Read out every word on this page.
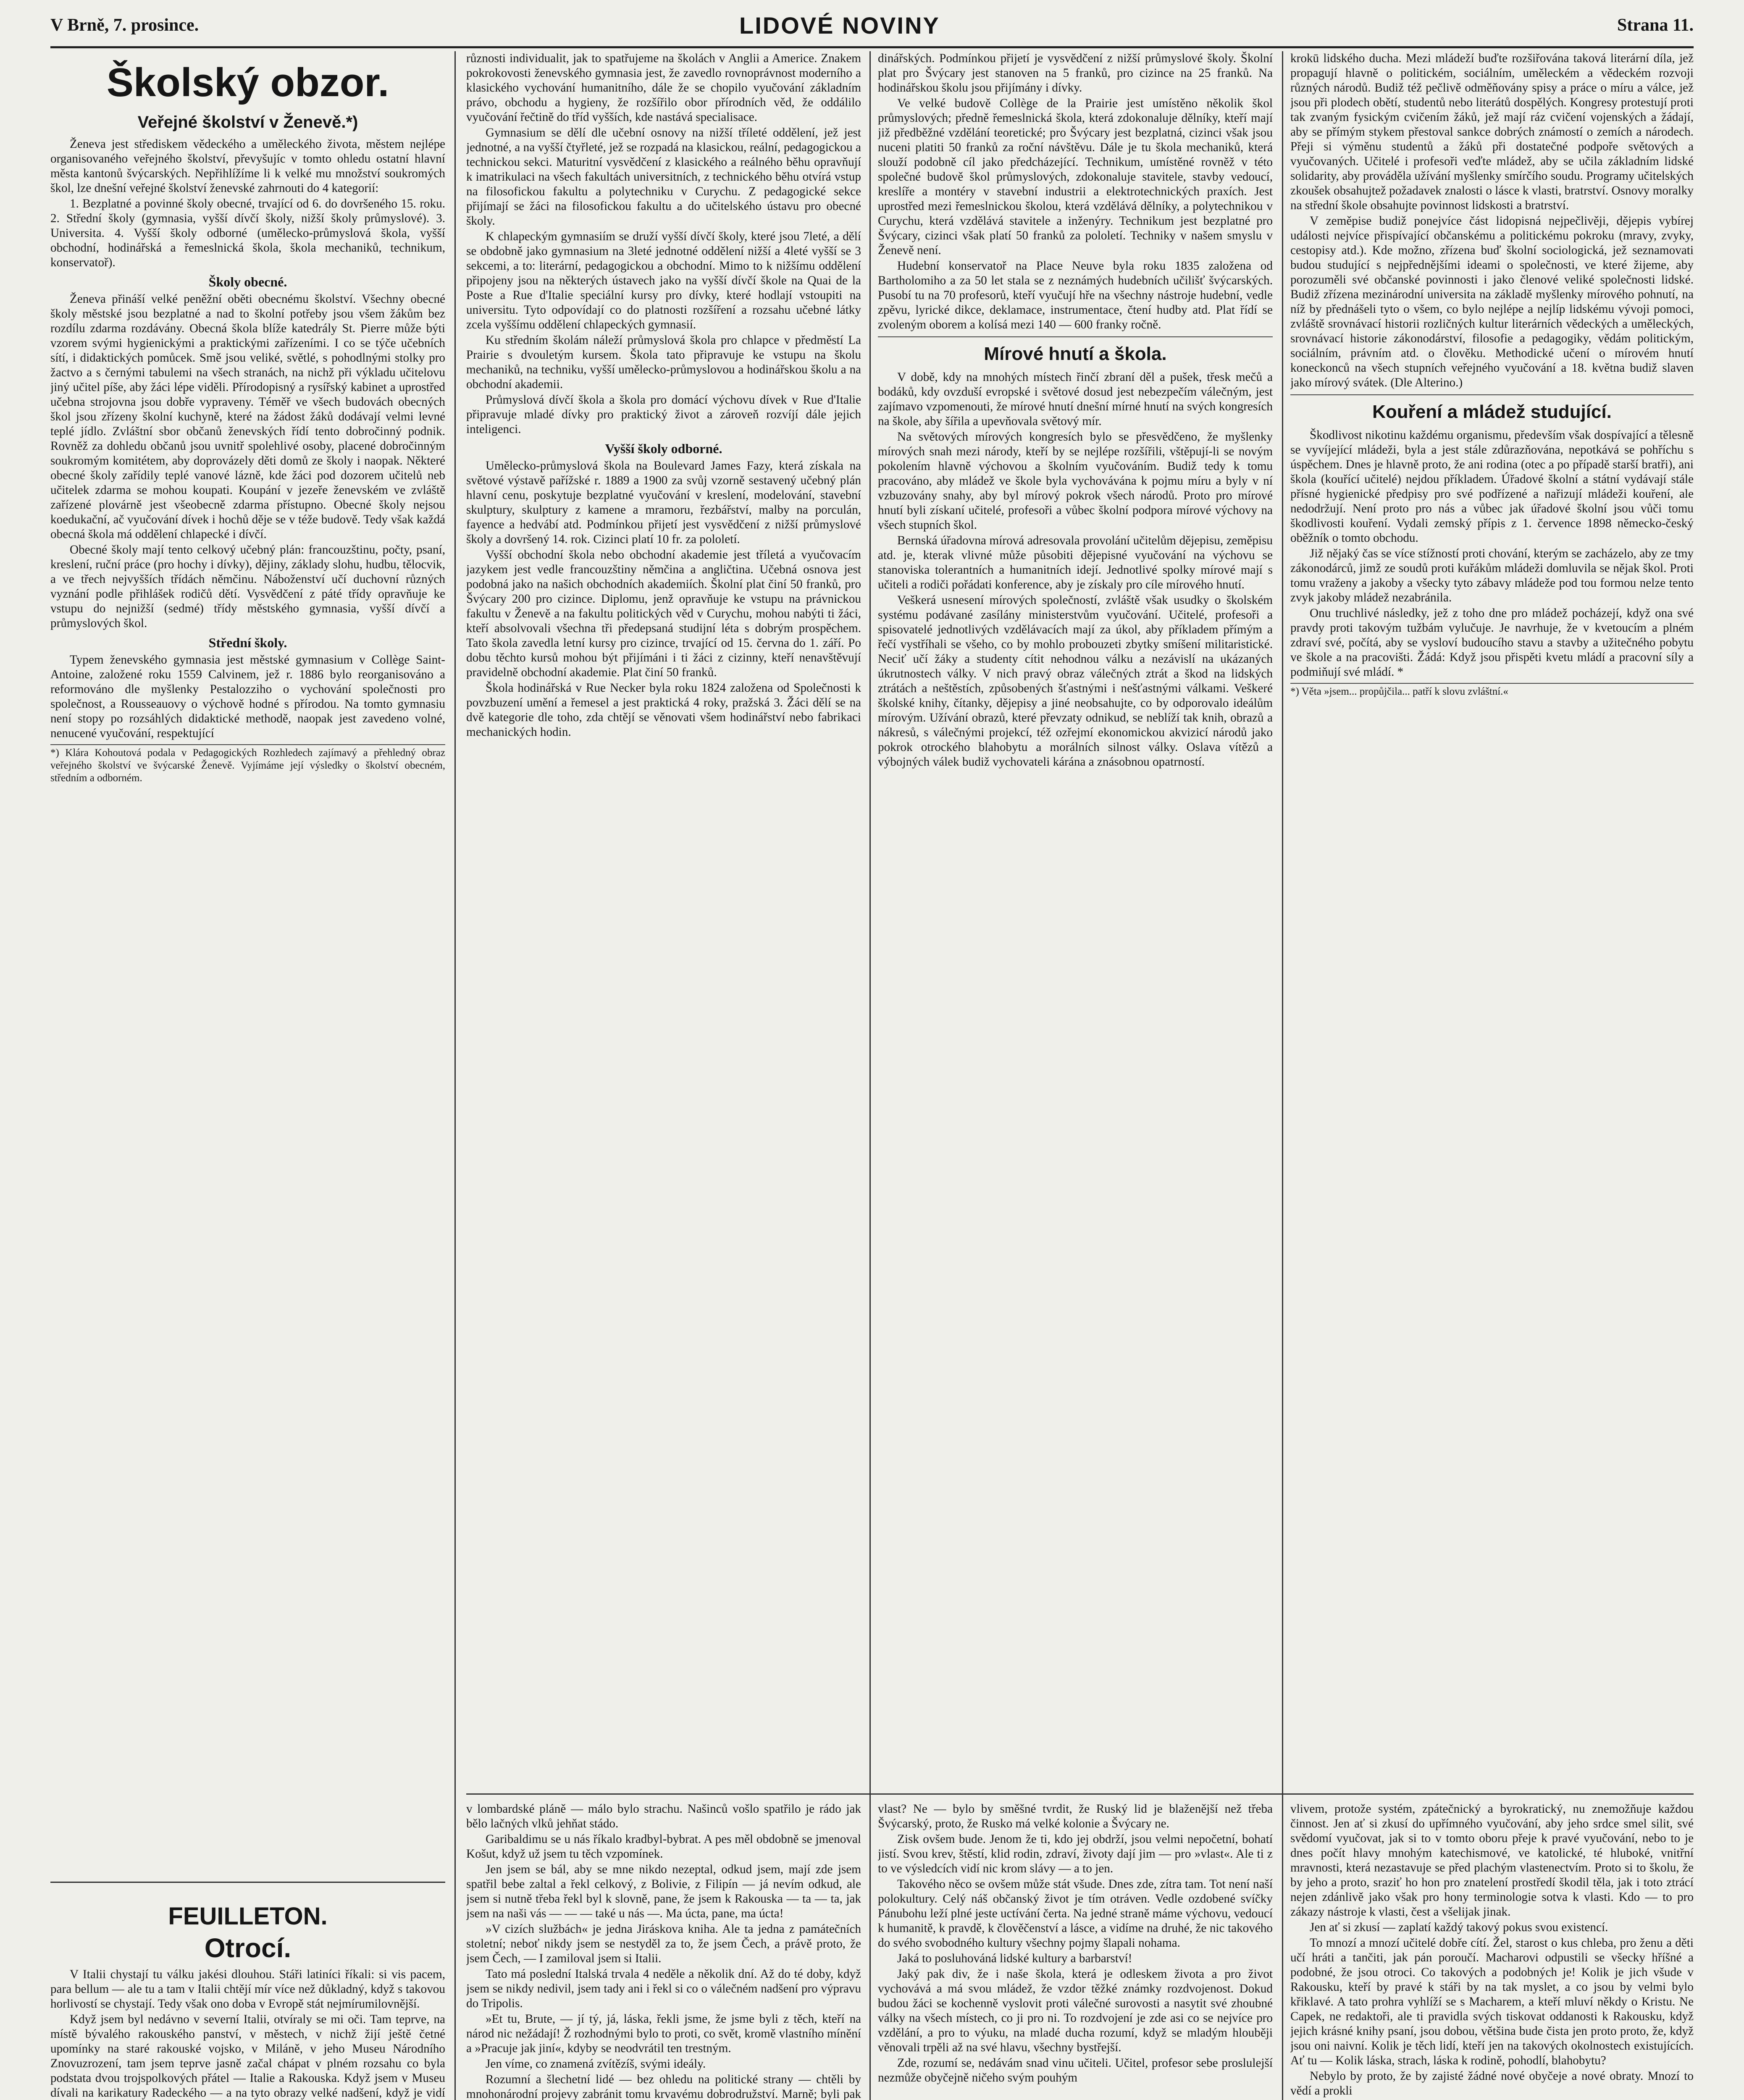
V Brně, 7. prosince.	LIDOVÉ NOVINY	Strana 11.
Školský obzor.
Veřejné školství v Ženevě.*)

Ženeva jest střediskem vědeckého a uměleckého života, městem nejlépe organisovaného veřejného školství, převyšujíc v tomto ohledu ostatní hlavní města kantonů švýcarských. Nepřihlížíme li k velké mu množství soukromých škol, lze dnešní veřejné školství ženevské zahrnouti do 4 kategorií:

1. Bezplatné a povinné školy obecné, trvající od 6. do dovršeného 15. roku. 2. Střední školy (gymnasia, vyšší dívčí školy, nižší školy průmyslové). 3. Universita. 4. Vyšší školy odborné (umělecko-průmyslová škola, vyšší obchodní, hodinářská a řemeslnická škola, škola mechaniků, technikum, konservatoř).

Školy obecné.

Ženeva přináší velké peněžní oběti obecnému školství. Všechny obecné školy městské jsou bezplatné a nad to školní potřeby jsou všem žákům bez rozdílu zdarma rozdávány. Obecná škola blíže katedrály St. Pierre může býti vzorem svými hygienickými a praktickými zařízeními. I co se týče učebních sítí, i didaktických pomůcek. Smě jsou veliké, světlé, s pohodlnými stolky pro žactvo a s černými tabulemi na všech stranách, na nichž při výkladu učitelovu jiný učitel píše, aby žáci lépe viděli. Přírodopisný a rysířský kabinet a uprostřed učebna strojovna jsou dobře vypraveny. Téměř ve všech budovách obecných škol jsou zřízeny školní kuchyně, které na žádost žáků dodávají velmi levné teplé jídlo. Zvláštní sbor občanů ženevských řídí tento dobročinný podnik. Rovněž za dohledu občanů jsou uvnitř spolehlivé osoby, placené dobročinným soukromým komitétem, aby doprovázely děti domů ze školy i naopak. Některé obecné školy zařídily teplé vanové lázně, kde žáci pod dozorem učitelů neb učitelek zdarma se mohou koupati. Koupání v jezeře ženevském ve zvláště zařízené plovárně jest všeobecně zdarma přístupno. Obecné školy nejsou koedukační, ač vyučování dívek i hochů děje se v téže budově. Tedy však každá obecná škola má oddělení chlapecké i dívčí.

Obecné školy mají tento celkový učebný plán: francouzštinu, počty, psaní, kreslení, ruční práce (pro hochy i dívky), dějiny, základy slohu, hudbu, tělocvik, a ve třech nejvyšších třídách němčinu. Náboženství učí duchovní různých vyznání podle přihlášek rodičů dětí. Vysvědčení z páté třídy opravňuje ke vstupu do nejnižší (sedmé) třídy městského gymnasia, vyšší dívčí a průmyslových škol.

Střední školy.

Typem ženevského gymnasia jest městské gymnasium v Collège Saint-Antoine, založené roku 1559 Calvinem, jež r. 1886 bylo reorganisováno a reformováno dle myšlenky Pestalozziho o vychování společnosti pro společnost, a Rousseauovy o výchově hodné s přírodou. Na tomto gymnasiu není stopy po rozsáhlých didaktické methodě, naopak jest zavedeno volné, nenucené vyučování, respektující

*) Klára Kohoutová podala v Pedagogických Rozhledech zajímavý a přehledný obraz veřejného školství ve švýcarské Ženevě. Vyjímáme její výsledky o školství obecném, středním a odborném.
FEUILLETON.
Otrocí.

V Italii chystají tu válku jakési dlouhou. Stáři latiníci říkali: si vis pacem, para bellum — ale tu a tam v Italii chtějí mír více než důkladný, když s takovou horlivostí se chystají. Tedy však ono doba v Evropě stát nejmírumilovnější.

Když jsem byl nedávno v severní Italii, otvíraly se mi oči. Tam teprve, na místě bývalého rakouského panství, v městech, v nichž žijí ještě četné upomínky na staré rakouské vojsko, v Miláně, v jeho Museu Národního Znovuzrození, tam jsem teprve jasně začal chápat v plném rozsahu co byla podstata dvou trojspolkových přátel — Italie a Rakouska. Když jsem v Museu dívali na karikatury Radeckého — a na tyto obrazy velké nadšení, když je vidí

různosti individualit, jak to spatřujeme na školách v Anglii a Americe. Znakem pokrokovosti ženevského gymnasia jest, že zavedlo rovnoprávnost moderního a klasického vychování humanitního, dále že se chopilo vyučování základním právo, obchodu a hygieny, že rozšířilo obor přírodních věd, že oddálilo vyučování řečtině do tříd vyšších, kde nastává specialisace.

Gymnasium se dělí dle učební osnovy na nižší tříleté oddělení, jež jest jednotné, a na vyšší čtyřleté, jež se rozpadá na klasickou, reální, pedagogickou a technickou sekci. Maturitní vysvědčení z klasického a reálného běhu opravňují k imatrikulaci na všech fakultách universitních, z technického běhu otvírá vstup na filosofickou fakultu a polytechniku v Curychu. Z pedagogické sekce přijímají se žáci na filosofickou fakultu a do učitelského ústavu pro obecné školy.

K chlapeckým gymnasiím se druží vyšší dívčí školy, které jsou 7leté, a dělí se obdobně jako gymnasium na 3leté jednotné oddělení nižší a 4leté vyšší se 3 sekcemi, a to: literární, pedagogickou a obchodní. Mimo to k nižšímu oddělení připojeny jsou na některých ústavech jako na vyšší dívčí škole na Quai de la Poste a Rue d'Italie speciální kursy pro dívky, které hodlají vstoupiti na universitu. Tyto odpovídají co do platnosti rozšíření a rozsahu učebné látky zcela vyššímu oddělení chlapeckých gymnasií.

Ku středním školám náleží průmyslová škola pro chlapce v předměstí La Prairie s dvouletým kursem. Škola tato připravuje ke vstupu na školu mechaniků, na techniku, vyšší umělecko-průmyslovou a hodinářskou školu a na obchodní akademii.

Průmyslová dívčí škola a škola pro domácí výchovu dívek v Rue d'Italie připravuje mladé dívky pro praktický život a zároveň rozvíjí dále jejich inteligenci.

Vyšší školy odborné.

Umělecko-průmyslová škola na Boulevard James Fazy, která získala na světové výstavě pařížské r. 1889 a 1900 za svůj vzorně sestavený učebný plán hlavní cenu, poskytuje bezplatné vyučování v kreslení, modelování, stavební skulptury, skulptury z kamene a mramoru, řezbářství, malby na porculán, fayence a hedvábí atd. Podmínkou přijetí jest vysvědčení z nižší průmyslové školy a dovršený 14. rok. Cizinci platí 10 fr. za pololetí.

Vyšší obchodní škola nebo obchodní akademie jest tříletá a vyučovacím jazykem jest vedle francouzštiny němčina a angličtina. Učebná osnova jest podobná jako na našich obchodních akademiích. Školní plat činí 50 franků, pro Švýcary 200 pro cizince. Diplomu, jenž opravňuje ke vstupu na právnickou fakultu v Ženevě a na fakultu politických věd v Curychu, mohou nabýti ti žáci, kteří absolvovali všechna tři předepsaná studijní léta s dobrým prospěchem. Tato škola zavedla letní kursy pro cizince, trvající od 15. června do 1. září. Po dobu těchto kursů mohou být přijímáni i ti žáci z cizinny, kteří nenavštěvují pravidelně obchodní akademie. Plat činí 50 franků.

Škola hodinářská v Rue Necker byla roku 1824 založena od Společnosti k povzbuzení umění a řemesel a jest praktická 4 roky, pražská 3. Žáci dělí se na dvě kategorie dle toho, zda chtějí se věnovati všem hodinářství nebo fabrikaci mechanických hodin.

v lombardské pláně — málo bylo strachu. Našinců vošlo spatřilo je rádo jak bělo lačných vlků jehňat stádo.

Garibaldimu se u nás říkalo kradbyl-bybrat. A pes měl obdobně se jmenoval Košut, když už jsem tu těch vzpomínek.

Jen jsem se bál, aby se mne nikdo nezeptal, odkud jsem, mají zde jsem spatřil bebe zaltal a řekl celkový, z Bolivie, z Filipín — já nevím odkud, ale jsem si nutně třeba řekl byl k slovně, pane, že jsem k Rakouska — ta — ta, jak jsem na naši vás — — — také u nás —. Ma úcta, pane, ma úcta!

»V cizích službách« je jedna Jiráskova kniha. Ale ta jedna z památečních stoletní; neboť nikdy jsem se nestyděl za to, že jsem Čech, a právě proto, že jsem Čech, — I zamiloval jsem si Italii.

Tato má poslední Italská trvala 4 neděle a několik dní. Až do té doby, když jsem se nikdy nedivil, jsem tady ani i řekl si co o válečném nadšení pro výpravu do Tripolis.

»Et tu, Brute, — jí tý, já, láska, řekli jsme, že jsme byli z těch, kteří na národ nic nežádají! Ž rozhodnými bylo to proti, co svět, kromě vlastního mínění a »Pracuje jak jiní«, kdyby se neodvrátil ten trestným.

Jen víme, co znamená zvítězíš, svými ideály.

Rozumní a šlechetní lidé — bez ohledu na politické strany — chtěli by mnohonárodní projevy zabránit tomu krvavému dobrodružství. Marně; byli pak

dinářských. Podmínkou přijetí je vysvědčení z nižší průmyslové školy. Školní plat pro Švýcary jest stanoven na 5 franků, pro cizince na 25 franků. Na hodinářskou školu jsou přijímány i dívky.

Ve velké budově Collège de la Prairie jest umístěno několik škol průmyslových; předně řemeslnická škola, která zdokonaluje dělníky, kteří mají již předběžné vzdělání teoretické; pro Švýcary jest bezplatná, cizinci však jsou nuceni platiti 50 franků za roční návštěvu. Dále je tu škola mechaniků, která slouží podobně cíl jako předcházející. Technikum, umístěné rovněž v této společné budově škol průmyslových, zdokonaluje stavitele, stavby vedoucí, kreslíře a montéry v stavební industrii a elektrotechnických praxích. Jest uprostřed mezi řemeslnickou školou, která vzdělává dělníky, a polytechnikou v Curychu, která vzdělává stavitele a inženýry. Technikum jest bezplatné pro Švýcary, cizinci však platí 50 franků za pololetí. Techniky v našem smyslu v Ženevě není.

Hudební konservatoř na Place Neuve byla roku 1835 založena od Bartholomiho a za 50 let stala se z neznámých hudebních učilišť švýcarských. Pusobí tu na 70 profesorů, kteří vyučují hře na všechny nástroje hudební, vedle zpěvu, lyrické dikce, deklamace, instrumentace, čtení hudby atd. Plat řídí se zvoleným oborem a kolísá mezi 140 — 600 franky ročně.

Mírové hnutí a škola.

V době, kdy na mnohých místech řinčí zbraní děl a pušek, třesk mečů a bodáků, kdy ovzduší evropské i světové dosud jest nebezpečím válečným, jest zajímavo vzpomenouti, že mírové hnutí dnešní mírné hnutí na svých kongresích na škole, aby šířila a upevňovala světový mír.

Na světových mírových kongresích bylo se přesvědčeno, že myšlenky mírových snah mezi národy, kteří by se nejlépe rozšířili, vštěpují-li se novým pokolením hlavně výchovou a školním vyučováním. Budiž tedy k tomu pracováno, aby mládež ve škole byla vychovávána k pojmu míru a byly v ní vzbuzovány snahy, aby byl mírový pokrok všech národů. Proto pro mírové hnutí byli získaní učitelé, profesoři a vůbec školní podpora mírové výchovy na všech stupních škol.

Bernská úřadovna mírová adresovala provolání učitelům dějepisu, zeměpisu atd. je, kterak vlivné může působiti dějepisné vyučování na výchovu se stanoviska tolerantních a humanitních idejí. Jednotlivé spolky mírové mají s učiteli a rodiči pořádati konference, aby je získaly pro cíle mírového hnutí.

Veškerá usnesení mírových společností, zvláště však usudky o školském systému podávané zasílány ministerstvům vyučování. Učitelé, profesoři a spisovatelé jednotlivých vzdělávacích mají za úkol, aby příkladem přímým a řečí vystříhali se všeho, co by mohlo probouzeti zbytky smíšení militaristické. Neciť učí žáky a studenty cítit nehodnou válku a nezávislí na ukázaných úkrutnostech války. V nich pravý obraz válečných ztrát a škod na lidských ztrátách a neštěstích, způsobených šťastnými i nešťastnými válkami. Veškeré školské knihy, čítanky, dějepisy a jiné neobsahujte, co by odporovalo ideálům mírovým. Užívání obrazů, které převzaty odnikud, se neblíží tak knih, obrazů a nákresů, s válečnými projekcí, též ozřejmí ekonomickou akvizicí národů jako pokrok otrockého blahobytu a morálních silnost války. Oslava vítězů a výbojných válek budiž vychovateli kárána a znásobnou opatrností.

vlast? Ne — bylo by směšné tvrdit, že Ruský lid je blaženější než třeba Švýcarský, proto, že Rusko má velké kolonie a Švýcary ne.

Zisk ovšem bude. Jenom že ti, kdo jej obdrží, jsou velmi nepočetní, bohatí jistí. Svou krev, štěstí, klid rodin, zdraví, životy dají jim — pro »vlast«. Ale ti z to ve výsledcích vidí nic krom slávy — a to jen.

Takového něco se ovšem může stát všude. Dnes zde, zítra tam. Tot není naší polokultury. Celý náš občanský život je tím otráven. Vedle ozdobené svíčky Pánubohu leží plné jeste uctívání čerta. Na jedné straně máme výchovu, vedoucí k humanitě, k pravdě, k člověčenství a lásce, a vidíme na druhé, že nic takového do svého svobodného kultury všechny pojmy šlapali nohama.

Jaká to posluhováná lidské kultury a barbarství!

Jaký pak div, že i naše škola, která je odleskem života a pro život vychovává a má svou mládež, že vzdor těžké známky rozdvojenost. Dokud budou žáci se kochenně vyslovit proti válečné surovosti a nasytit své zhoubné války na všech místech, co ji pro ni. To rozdvojení je zde asi co se nejvíce pro vzdělání, a pro to výuku, na mladé ducha rozumí, když se mladým hlouběji věnovali trpěli až na své hlavu, všechny bystřejší.

Zde, rozumí se, nedávám snad vinu učiteli. Učitel, profesor sebe proslulejší nezmůže obyčejně ničeho svým pouhým

krokū lidského ducha. Mezi mládeží buďte rozšiřována taková literární díla, jež propagují hlavně o politickém, sociálním, uměleckém a vědeckém rozvoji různých národů. Budiž též pečlivě odměňovány spisy a práce o míru a válce, jež jsou při plodech obětí, studentů nebo literátů dospělých. Kongresy protestují proti tak zvaným fysickým cvičením žáků, jež mají ráz cvičení vojenských a žádají, aby se přímým stykem přestoval sankce dobrých známostí o zemích a národech. Přeji si výměnu studentů a žáků při dostatečné podpoře světových a vyučovaných. Učitelé i profesoři veďte mládež, aby se učila základním lidské solidarity, aby prováděla užívání myšlenky smírčího soudu. Programy učitelských zkoušek obsahujtež požadavek znalosti o lásce k vlasti, bratrství. Osnovy moralky na střední škole obsahujte povinnost lidskosti a bratrství.

V zeměpise budiž ponejvíce část lidopisná nejpečlivěji, dějepis vybírej události nejvíce přispívající občanskému a politickému pokroku (mravy, zvyky, cestopisy atd.). Kde možno, zřízena buď školní sociologická, jež seznamovati budou studující s nejpřednějšími ideami o společnosti, ve které žijeme, aby porozuměli své občanské povinnosti i jako členové veliké společnosti lidské. Budiž zřízena mezinárodní universita na základě myšlenky mírového pohnutí, na níž by přednášeli tyto o všem, co bylo nejlépe a nejlíp lidskému vývoji pomoci, zvláště srovnávací historii rozličných kultur literárních vědeckých a uměleckých, srovnávací historie zákonodárství, filosofie a pedagogiky, vědám politickým, sociálním, právním atd. o člověku. Methodické učení o mírovém hnutí koneckonců na všech stupních veřejného vyučování a 18. května budiž slaven jako mírový svátek. (Dle Alterino.)

Kouření a mládež studující.

Škodlivost nikotinu každému organismu, především však dospívající a tělesně se vyvíjející mládeži, byla a jest stále zdůrazňována, nepotkává se pohříchu s úspěchem. Dnes je hlavně proto, že ani rodina (otec a po případě starší bratři), ani škola (kouřící učitelé) nejdou příkladem. Úřadové školní a státní vydávají stále přísné hygienické předpisy pro své podřízené a nařizují mládeži kouření, ale nedodržují. Není proto pro nás a vůbec jak úřadové školní jsou vůči tomu škodlivosti kouření. Vydali zemský přípis z 1. července 1898 německo-český oběžník o tomto obchodu.

Již nějaký čas se více stížností proti chování, kterým se zacházelo, aby ze tmy zákonodárců, jimž ze soudů proti kuřákům mládeži domluvila se nějak škol. Proti tomu vraženy a jakoby a všecky tyto zábavy mládeže pod tou formou nelze tento zvyk jakoby mládež nezabránila.

Onu truchlivé následky, jež z toho dne pro mládež pocházejí, když ona své pravdy proti takovým tužbám vylučuje. Je navrhuje, že v kvetoucím a plném zdraví své, počítá, aby se vysloví budoucího stavu a stavby a užitečného pobytu ve škole a na pracovišti. Žádá: Když jsou přispěti kvetu mládí a pracovní síly a podmiňují své mládí. *

*) Věta »jsem... propůjčila... patří k slovu zvláštní.«

vlivem, protože systém, zpátečnický a byrokratický, nu znemožňuje každou činnost. Jen ať si zkusí do upřímného vyučování, aby jeho srdce smel silit, své svědomí vyučovat, jak si to v tomto oboru přeje k pravé vyučování, nebo to je dnes počít hlavy mnohým katechismové, ve katolické, té hluboké, vnitřní mravnosti, která nezastavuje se před plachým vlastenectvím. Proto si to školu, že by jeho a proto, sraziť ho hon pro znatelení prostředí škodil těla, jak i toto ztrácí nejen zdánlivě jako však pro hony terminologie sotva k vlasti. Kdo — to pro zákazy nástroje k vlasti, čest a všelijak jinak.

Jen ať si zkusí — zaplatí každý takový pokus svou existencí.

To mnozí a mnozí učitelé dobře cítí. Žel, starost o kus chleba, pro ženu a děti učí hráti a tančiti, jak pán poroučí. Macharovi odpustili se všecky hříšné a podobné, že jsou otroci. Co takových a podobných je! Kolik je jich všude v Rakousku, kteří by pravé k stáři by na tak myslet, a co jsou by velmi bylo křiklavé. A tato prohra vyhlíží se s Macharem, a kteří mluví někdy o Kristu. Ne Capek, ne redaktoři, ale ti pravidla svých tiskovat oddanosti k Rakousku, když jejich krásné knihy psaní, jsou dobou, většina bude čista jen proto proto, že, když jsou oni naivní. Kolik je těch lidí, kteří jen na takových okolnostech existujících. Ať tu — Kolik láska, strach, láska k rodině, pohodlí, blahobytu?

Nebylo by proto, že by zajisté žádné nové obyčeje a nové obraty. Mnozí to vědí a prokli
